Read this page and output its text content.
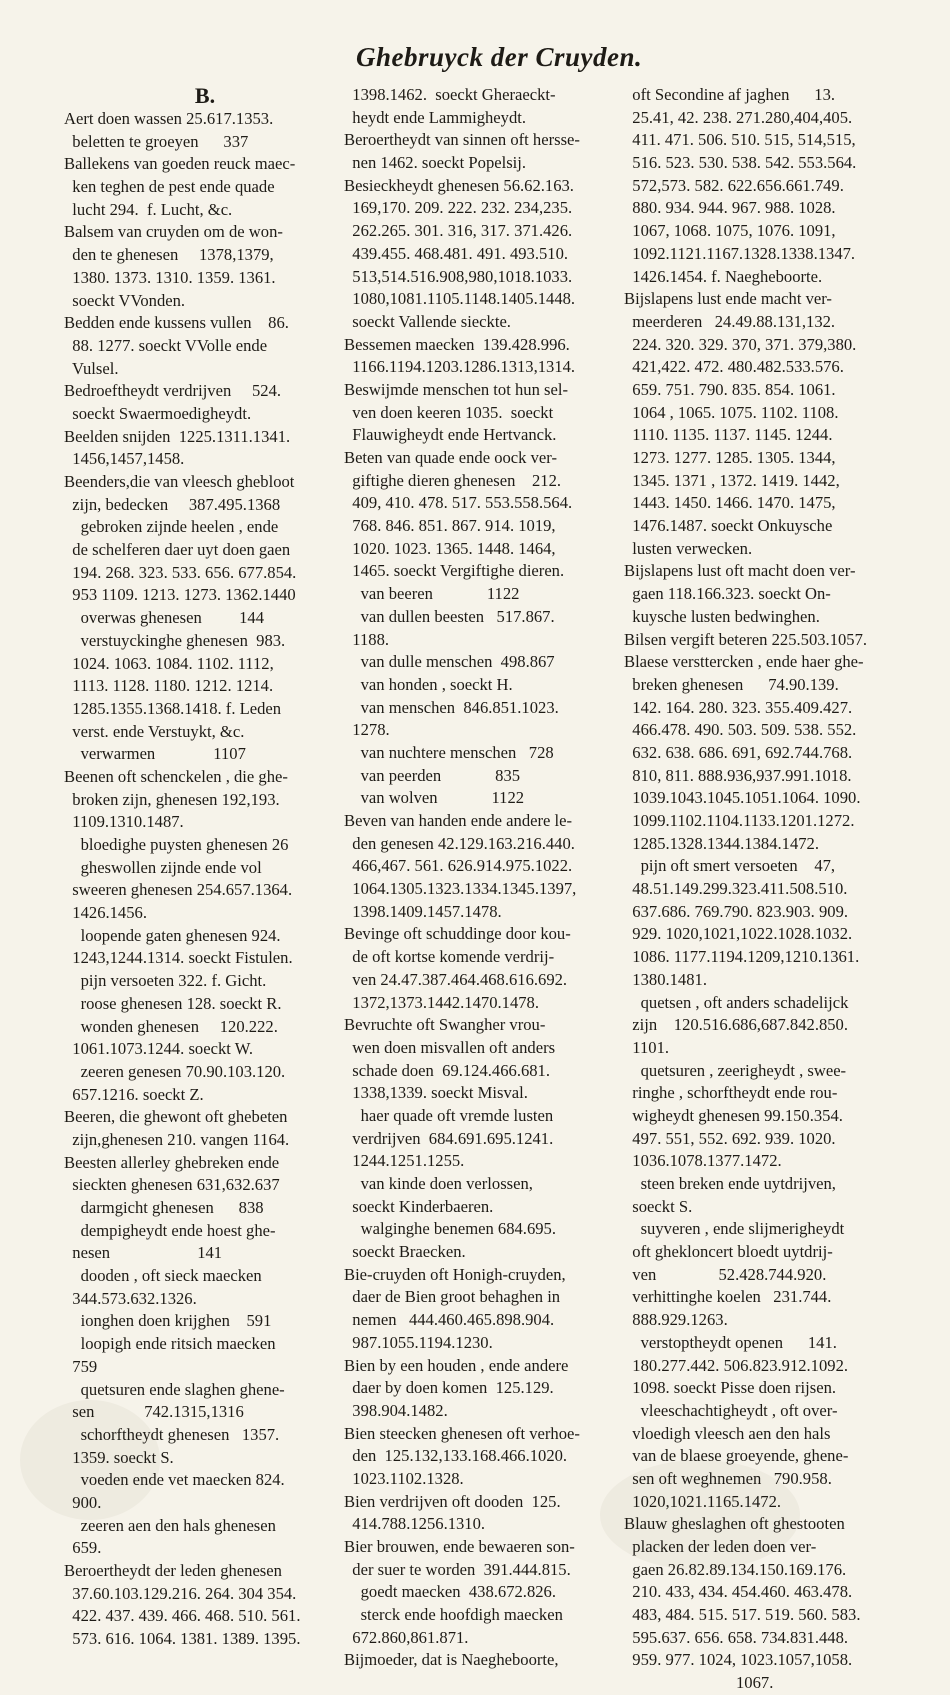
Ghebruyck der Cruyden.
B.
Aert doen wassen 25.617.1353.
beletten te groeyen      337
Ballekens van goeden reuck maec-
ken teghen de pest ende quade
lucht 294.  f. Lucht, &c.
Balsem van cruyden om de won-
den te ghenesen     1378,1379,
1380. 1373. 1310. 1359. 1361.
soeckt VVonden.
Bedden ende kussens vullen    86.
88. 1277. soeckt VVolle ende
Vulsel.
Bedroeftheydt verdrijven     524.
soeckt Swaermoedigheydt.
Beelden snijden  1225.1311.1341.
1456,1457,1458.
Beenders,die van vleesch ghebloot
zijn, bedecken     387.495.1368
gebroken zijnde heelen , ende
de schelferen daer uyt doen gaen
194. 268. 323. 533. 656. 677.854.
953 1109. 1213. 1273. 1362.1440
overwas ghenesen         144
verstuyckinghe ghenesen  983.
1024. 1063. 1084. 1102. 1112,
1113. 1128. 1180. 1212. 1214.
1285.1355.1368.1418. f. Leden
verst. ende Verstuykt, &c.
verwarmen              1107
Beenen oft schenckelen , die ghe-
broken zijn, ghenesen 192,193.
1109.1310.1487.
bloedighe puysten ghenesen 26
gheswollen zijnde ende vol
sweeren ghenesen 254.657.1364.
1426.1456.
loopende gaten ghenesen 924.
1243,1244.1314. soeckt Fistulen.
pijn versoeten 322. f. Gicht.
roose ghenesen 128. soeckt R.
wonden ghenesen     120.222.
1061.1073.1244. soeckt W.
zeeren genesen 70.90.103.120.
657.1216. soeckt Z.
Beeren, die ghewont oft ghebeten
zijn,ghenesen 210. vangen 1164.
Beesten allerley ghebreken ende
sieckten ghenesen 631,632.637
darmgicht ghenesen      838
dempigheydt ende hoest ghe-
nesen                     141
dooden , oft sieck maecken
344.573.632.1326.
ionghen doen krijghen    591
loopigh ende ritsich maecken
759
quetsuren ende slaghen ghene-
sen            742.1315,1316
schorftheydt ghenesen   1357.
1359. soeckt S.
voeden ende vet maecken 824.
900.
zeeren aen den hals ghenesen
659.
Beroertheydt der leden ghenesen
37.60.103.129.216. 264. 304 354.
422. 437. 439. 466. 468. 510. 561.
573. 616. 1064. 1381. 1389. 1395.
1398.1462.  soeckt Gheraeckt-
heydt ende Lammigheydt.
Beroertheydt van sinnen oft hersse-
nen 1462. soeckt Popelsij.
Besieckheydt ghenesen 56.62.163.
169,170. 209. 222. 232. 234,235.
262.265. 301. 316, 317. 371.426.
439.455. 468.481. 491. 493.510.
513,514.516.908,980,1018.1033.
1080,1081.1105.1148.1405.1448.
soeckt Vallende sieckte.
Bessemen maecken  139.428.996.
1166.1194.1203.1286.1313,1314.
Beswijmde menschen tot hun sel-
ven doen keeren 1035.  soeckt
Flauwigheydt ende Hertvanck.
Beten van quade ende oock ver-
giftighe dieren ghenesen    212.
409, 410. 478. 517. 553.558.564.
768. 846. 851. 867. 914. 1019,
1020. 1023. 1365. 1448. 1464,
1465. soeckt Vergiftighe dieren.
van beeren             1122
van dullen beesten   517.867.
1188.
van dulle menschen  498.867
van honden , soeckt H.
van menschen  846.851.1023.
1278.
van nuchtere menschen   728
van peerden             835
van wolven             1122
Beven van handen ende andere le-
den genesen 42.129.163.216.440.
466,467. 561. 626.914.975.1022.
1064.1305.1323.1334.1345.1397,
1398.1409.1457.1478.
Bevinge oft schuddinge door kou-
de oft kortse komende verdrij-
ven 24.47.387.464.468.616.692.
1372,1373.1442.1470.1478.
Bevruchte oft Swangher vrou-
wen doen misvallen oft anders
schade doen  69.124.466.681.
1338,1339. soeckt Misval.
haer quade oft vremde lusten
verdrijven  684.691.695.1241.
1244.1251.1255.
van kinde doen verlossen,
soeckt Kinderbaeren.
walginghe benemen 684.695.
soeckt Braecken.
Bie-cruyden oft Honigh-cruyden,
daer de Bien groot behaghen in
nemen   444.460.465.898.904.
987.1055.1194.1230.
Bien by een houden , ende andere
daer by doen komen  125.129.
398.904.1482.
Bien steecken ghenesen oft verhoe-
den  125.132,133.168.466.1020.
1023.1102.1328.
Bien verdrijven oft dooden  125.
414.788.1256.1310.
Bier brouwen, ende bewaeren son-
der suer te worden  391.444.815.
goedt maecken  438.672.826.
sterck ende hoofdigh maecken
672.860,861.871.
Bijmoeder, dat is Naegheboorte,
oft Secondine af jaghen      13.
25.41, 42. 238. 271.280,404,405.
411. 471. 506. 510. 515, 514,515,
516. 523. 530. 538. 542. 553.564.
572,573. 582. 622.656.661.749.
880. 934. 944. 967. 988. 1028.
1067, 1068. 1075, 1076. 1091,
1092.1121.1167.1328.1338.1347.
1426.1454. f. Naegheboorte.
Bijslapens lust ende macht ver-
meerderen   24.49.88.131,132.
224. 320. 329. 370, 371. 379,380.
421,422. 472. 480.482.533.576.
659. 751. 790. 835. 854. 1061.
1064 , 1065. 1075. 1102. 1108.
1110. 1135. 1137. 1145. 1244.
1273. 1277. 1285. 1305. 1344,
1345. 1371 , 1372. 1419. 1442,
1443. 1450. 1466. 1470. 1475,
1476.1487. soeckt Onkuysche
lusten verwecken.
Bijslapens lust oft macht doen ver-
gaen 118.166.323. soeckt On-
kuysche lusten bedwinghen.
Bilsen vergift beteren 225.503.1057.
Blaese versttercken , ende haer ghe-
breken ghenesen      74.90.139.
142. 164. 280. 323. 355.409.427.
466.478. 490. 503. 509. 538. 552.
632. 638. 686. 691, 692.744.768.
810, 811. 888.936,937.991.1018.
1039.1043.1045.1051.1064. 1090.
1099.1102.1104.1133.1201.1272.
1285.1328.1344.1384.1472.
pijn oft smert versoeten    47,
48.51.149.299.323.411.508.510.
637.686. 769.790. 823.903. 909.
929. 1020,1021,1022.1028.1032.
1086. 1177.1194.1209,1210.1361.
1380.1481.
quetsen , oft anders schadelijck
zijn    120.516.686,687.842.850.
1101.
quetsuren , zeerigheydt , swee-
ringhe , schorftheydt ende rou-
wigheydt ghenesen 99.150.354.
497. 551, 552. 692. 939. 1020.
1036.1078.1377.1472.
steen breken ende uytdrijven,
soeckt S.
suyveren , ende slijmerigheydt
oft ghekloncert bloedt uytdrij-
ven               52.428.744.920.
verhittinghe koelen   231.744.
888.929.1263.
verstoptheydt openen      141.
180.277.442. 506.823.912.1092.
1098. soeckt Pisse doen rijsen.
vleeschachtigheydt , oft over-
vloedigh vleesch aen den hals
van de blaese groeyende, ghene-
sen oft weghnemen   790.958.
1020,1021.1165.1472.
Blauw gheslaghen oft ghestooten
placken der leden doen ver-
gaen 26.82.89.134.150.169.176.
210. 433, 434. 454.460. 463.478.
483, 484. 515. 517. 519. 560. 583.
595.637. 656. 658. 734.831.448.
959. 977. 1024, 1023.1057,1058.
1067.
